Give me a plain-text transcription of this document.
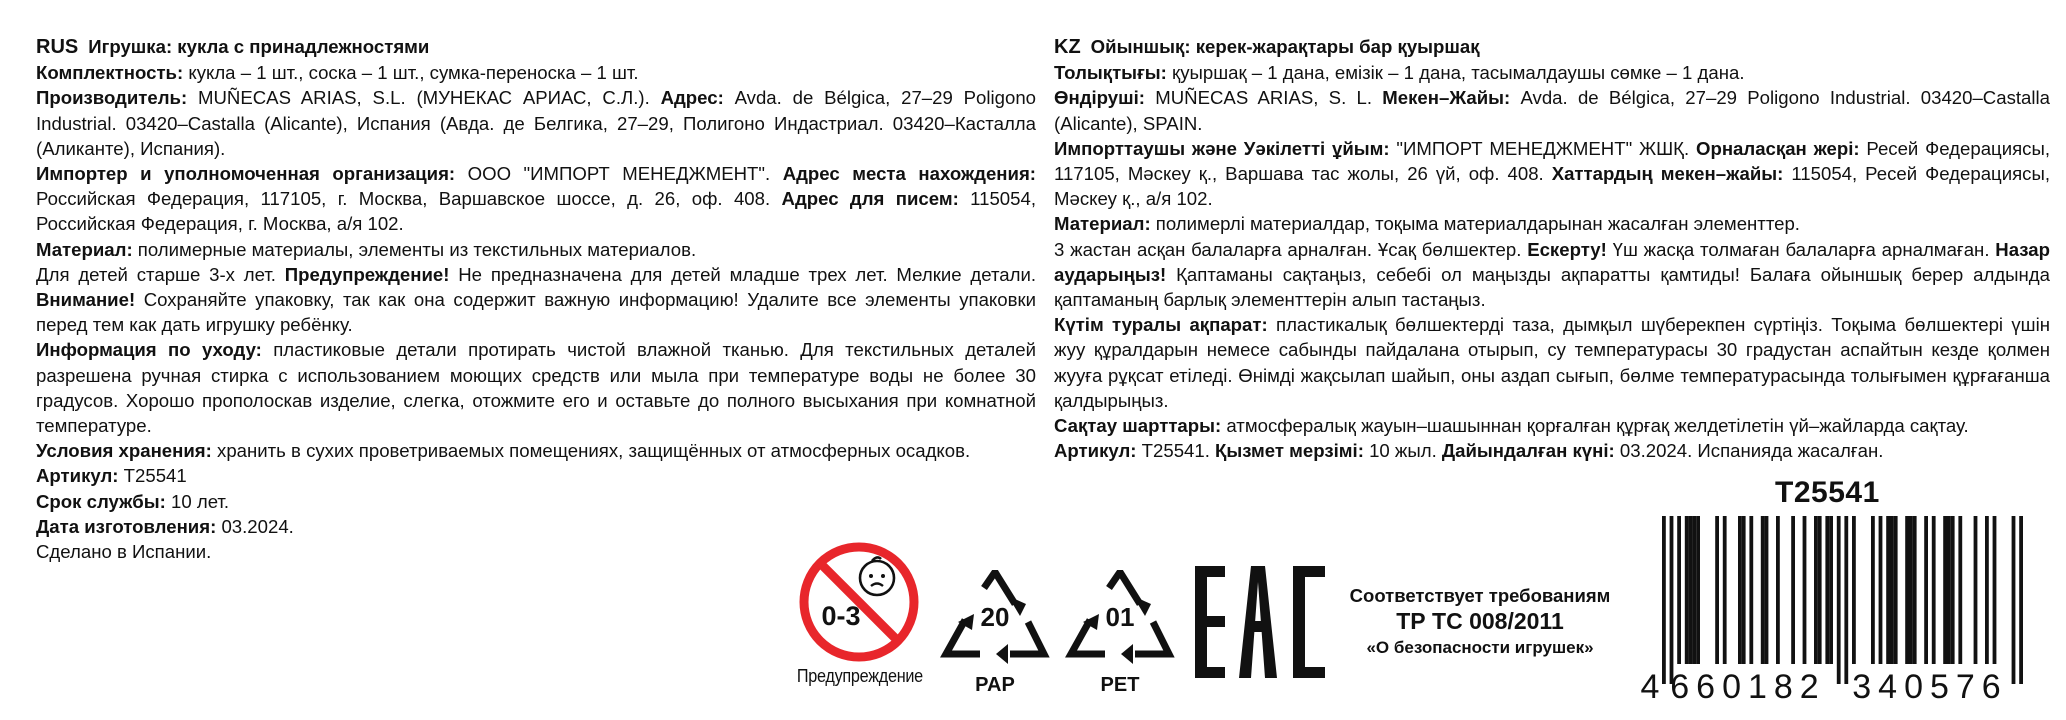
RUS Игрушка: кукла с принадлежностями

Комплектность: кукла – 1 шт., соска – 1 шт., сумка-переноска – 1 шт.

Производитель: MUÑECAS ARIAS, S.L. (МУНЕКАС АРИАС, С.Л.). Адрес: Avda. de Bélgica, 27–29 Poligono Industrial. 03420–Castalla (Alicante), Испания (Авда. де Белгика, 27–29, Полигоно Индастриал. 03420–Касталла (Аликанте), Испания).

Импортер и уполномоченная организация: ООО "ИМПОРТ МЕНЕДЖМЕНТ". Адрес места нахождения: Российская Федерация, 117105, г. Москва, Варшавское шоссе, д. 26, оф. 408. Адрес для писем: 115054, Российская Федерация, г. Москва, а/я 102.

Материал: полимерные материалы, элементы из текстильных материалов.

Для детей старше 3-х лет. Предупреждение! Не предназначена для детей младше трех лет. Мелкие детали. Внимание! Сохраняйте упаковку, так как она содержит важную информацию! Удалите все элементы упаковки перед тем как дать игрушку ребёнку.

Информация по уходу: пластиковые детали протирать чистой влажной тканью. Для текстильных деталей разрешена ручная стирка с использованием моющих средств или мыла при температуре воды не более 30 градусов. Хорошо прополоскав изделие, слегка, отожмите его и оставьте до полного высыхания при комнатной температуре.

Условия хранения: хранить в сухих проветриваемых помещениях, защищённых от атмосферных осадков.

Артикул: T25541

Срок службы: 10 лет.

Дата изготовления: 03.2024.

Сделано в Испании.

KZ Ойыншық: керек-жарақтары бар қуыршақ

Толықтығы: қуыршақ – 1 дана, емізік – 1 дана, тасымалдаушы сөмке – 1 дана.

Өндіруші: MUÑECAS ARIAS, S. L. Мекен–Жайы: Avda. de Bélgica, 27–29 Poligono Industrial. 03420–Castalla (Alicante), SPAIN.

Импорттаушы және Уәкілетті ұйым: "ИМПОРТ МЕНЕДЖМЕНТ" ЖШҚ. Орналасқан жері: Ресей Федерациясы, 117105, Мәскеу қ., Варшава тас жолы, 26 үй, оф. 408. Хаттардың мекен–жайы: 115054, Ресей Федерациясы, Мәскеу қ., а/я 102.

Материал: полимерлі материалдар, тоқыма материалдарынан жасалған элементтер.

3 жастан асқан балаларға арналған. Ұсақ бөлшектер. Ескерту! Үш жасқа толмаған балаларға арналмаған. Назар аударыңыз! Қаптаманы сақтаңыз, себебі ол маңызды ақпаратты қамтиды! Балаға ойыншық берер алдында қаптаманың барлық элементтерін алып тастаңыз.

Күтім туралы ақпарат: пластикалық бөлшектерді таза, дымқыл шүберекпен сүртіңіз. Тоқыма бөлшектері үшін жуу құралдарын немесе сабынды пайдалана отырып, су температурасы 30 градустан аспайтын кезде қолмен жууға рұқсат етіледі. Өнімді жақсылап шайып, оны аздап сығып, бөлме температурасында толығымен құрғағанша қалдырыңыз.

Сақтау шарттары: атмосфералық жауын–шашыннан қорғалған құрғақ желдетілетін үй–жайларда сақтау.

Артикул: T25541. Қызмет мерзімі: 10 жыл. Дайындалған күні: 03.2024. Испанияда жасалған.

0-3
Предупреждение
20
PAP
01
PET
Соответствует требованиям
ТР ТС 008/2011
«О безопасности игрушек»
T25541
4 660182 340576
